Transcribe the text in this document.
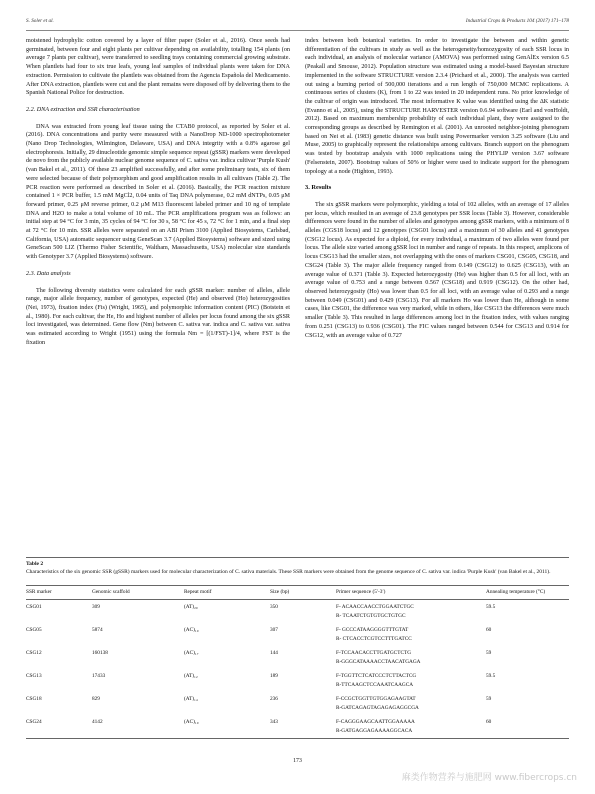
S. Soler et al.	Industrial Crops & Products 104 (2017) 171–178

moistened hydrophylic cotton covered by a layer of filter paper (Soler et al., 2016). Once seeds had germinated, between four and eight plants per cultivar depending on availability, totalling 154 plants (on average 7 plants per cultivar), were transferred to seedling trays containing commercial growing substrate. When plantlets had four to six true leafs, young leaf samples of individual plants were taken for DNA extraction. Permission to cultivate the plantlets was obtained from the Agencia Española del Medicamento. After DNA extraction, plantlets were cut and the plant remains were disposed off by delivering them to the Spanish National Police for destruction.

2.2. DNA extraction and SSR characterisation

DNA was extracted from young leaf tissue using the CTAB0 protocol, as reported by Soler et al. (2016). DNA concentrations and purity were measured with a NanoDrop ND-1000 spectrophotometer (Nano Drop Technologies, Wilmington, Delaware, USA) and DNA integrity with a 0.8% agarose gel electrophoresis. Initially, 29 dinucleotide genomic simple sequence repeat (gSSR) markers were developed de novo from the publicly available nuclear genome sequence of C. sativa var. indica cultivar 'Purple Kush' (van Bakel et al., 2011). Of these 23 amplified successfully, and after some preliminary tests, six of them were selected because of their polymorphism and good amplification results in all cultivars (Table 2). The PCR reaction were performed as described in Soler et al. (2016). Basically, the PCR reaction mixture contained 1 × PCR buffer, 1.5 mM MgCl2, 0.04 units of Taq DNA polymerase, 0.2 mM dNTPs, 0.05 μM forward primer, 0.25 μM reverse primer, 0.2 μM M13 fluorescent labeled primer and 10 ng of template DNA and H2O to make a total volume of 10 mL. The PCR amplifications program was as follows: an initial step at 94 °C for 3 min, 35 cycles of 94 °C for 30 s, 58 °C for 45 s, 72 °C for 1 min, and a final step at 72 °C for 10 min. SSR alleles were separated on an ABI Prism 3100 (Applied Biosystems, Carlsbad, California, USA) automatic sequencer using GeneScan 3.7 (Applied Biosystems) software and sized using GeneScan 500 LIZ (Thermo Fisher Scientific, Waltham, Massachusetts, USA) molecular size standards with Genotyper 3.7 (Applied Biosystems) software.

2.3. Data analysis

The following diversity statistics were calculated for each gSSR marker: number of alleles, allele range, major allele frequency, number of genotypes, expected (He) and observed (Ho) heterozygosities (Nei, 1973), fixation index (Fis) (Wright, 1965), and polymorphic information content (PIC) (Botstein et al., 1980). For each cultivar, the He, Ho and highest number of alleles per locus found among the six gSSR loci investigated, was determined. Gene flow (Nm) between C. sativa var. indica and C. sativa var. sativa was estimated according to Wright (1951) using the formula Nm = [(1/FST)-1]/4, where FST is the fixation

index between both botanical varieties. In order to investigate the between and within genetic differentiation of the cultivars in study as well as the heterogeneity/homozygosity of each SSR locus in each individual, an analysis of molecular variance (AMOVA) was performed using GenAlEx version 6.5 (Peakall and Smouse, 2012). Population structure was estimated using a model-based Bayesian structure implemented in the software STRUCTURE version 2.3.4 (Prichard et al., 2000). The analysis was carried out using a burning period of 500,000 iterations and a run length of 750,000 MCMC replications. A continuous series of clusters (K), from 1 to 22 was tested in 20 independent runs. No prior knowledge of the cultivar of origin was introduced. The most informative K value was identified using the ΔK statistic (Evanno et al., 2005), using the STRUCTURE HARVESTER version 0.6.94 software (Earl and vonHoldt, 2012). Based on maximum membership probability of each individual plant, they were assigned to the corresponding groups as described by Remington et al. (2001). An unrooted neighbor-joining phenogram based on Nei et al. (1983) genetic distance was built using Powermarker version 3.25 software (Liu and Muse, 2005) to graphically represent the relationships among cultivars. Branch support on the phenogram was tested by bootstrap analysis with 1000 replications using the PHYLIP version 3.67 software (Felsenstein, 2007). Bootstrap values of 50% or higher were used to indicate support for the phenogram topology at a node (Highton, 1993).

3. Results

The six gSSR markers were polymorphic, yielding a total of 102 alleles, with an average of 17 alleles per locus, which resulted in an average of 23.8 genotypes per SSR locus (Table 3). However, considerable differences were found in the number of alleles and genotypes among gSSR markers, with a minimum of 8 alleles (CGS18 locus) and 12 genotypes (CSG01 locus) and a maximum of 30 alleles and 41 genotypes (CSG12 locus). As expected for a diploid, for every individual, a maximum of two alleles were found per locus. The allele size varied among gSSR loci in number and range of repeats. In this respect, amplicons of locus CSG13 had the smaller sizes, not overlapping with the ones of markers CSG01, CSG05, CSG18, and CSG24 (Table 3). The major allele frequency ranged from 0.149 (CSG12) to 0.625 (CSG13), with an average value of 0.371 (Table 3). Expected heterozygosity (He) was higher than 0.5 for all loci, with an average value of 0.753 and a range between 0.567 (CSG18) and 0.919 (CSG12). On the other had, observed heterozygosity (Ho) was lower than 0.5 for all loci, with an average value of 0.293 and a range between 0.049 (CSG01) and 0.429 (CSG13). For all markers Ho was lower than He, although in some cases, like CSG01, the difference was very marked, while in others, like CSG13 the differences were much smaller (Table 3). This resulted in large differences among loci in the fixation index, with values ranging from 0.251 (CSG13) to 0.936 (CSG01). The FIC values ranged between 0.544 for CSG13 and 0.914 for CSG12, with an average value of 0.727

Table 2
Characteristics of the six genomic SSR (gSSR) markers used for molecular characterization of C. sativa materials. These SSR markers were obtained from the genome sequence of C. sativa var. indica 'Purple Kush' (van Bakel et al., 2011).
SSR marker	Genomic scaffold	Repeat motif	Size (bp)	Primer sequence (5′-3′)	Annealing temperature (°C)
CSG01	309	(AT)₂₀	350	F- ACAACCAACCTGGAATCTGC
R- TCAATCTGTGTGCTGTGC	59.5
CSG05	5874	(AC)₁₀	307	F- GCCCATAAGGGGTTTGTAT
R- CTCACCTCGTCCTTTGATCC	60
CSG12	160138	(AC)₁₇	144	F-TCCAACACCTTGATGCTCTG
R-GGGCATAAAACCTAACATGAGA	59
CSG13	17433	(AT)₁₂	189	F-TGGTTCTCATCCCTCTTACTCG
R-TTCAAGCTCCAAATCAAGCA	59.5
CSG18	829	(AT)₁₄	236	F-CCGCTGGTTGTGGAGAAGTAT
R-GATCAGAGTAGAGAGAGGCGA	59
CSG24	4142	(AC)₁₀	343	F-CAGGGAAGCAATTGGAAAAA
R-GATGAGGAGAAAAGGCACA	60
173
麻类作物营养与施肥网 www.fibercrops.cn
